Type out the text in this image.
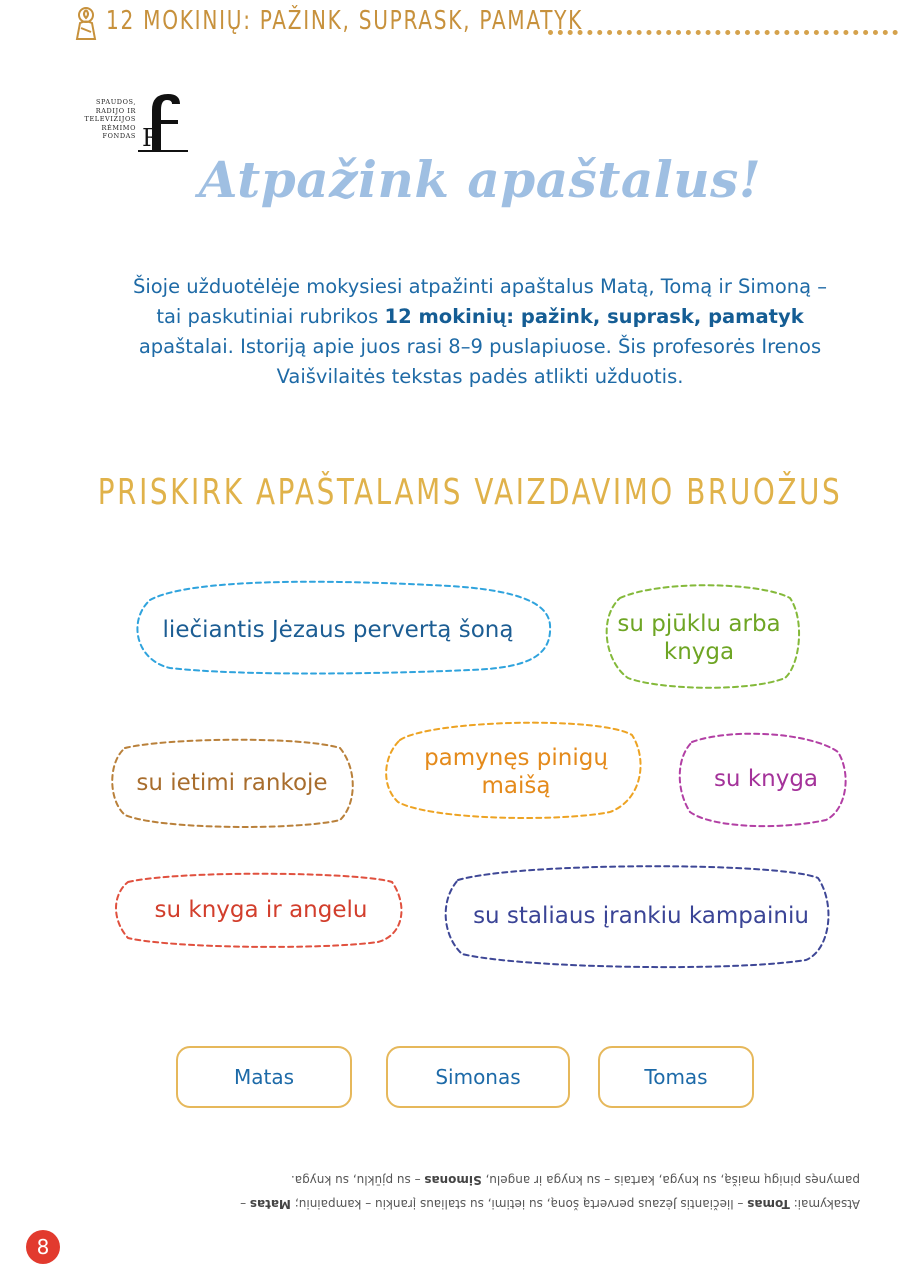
12 MOKINIŲ: PAŽINK, SUPRASK, PAMATYK
SPAUDOS,
RADIJO IR
TELEVIZIJOS
RĖMIMO
FONDAS R
Atpažink apaštalus!
Šioje užduotėlėje mokysiesi atpažinti apaštalus Matą, Tomą ir Simoną – tai paskutiniai rubrikos 12 mokinių: pažink, suprask, pamatyk apaštalai. Istoriją apie juos rasi 8–9 puslapiuose. Šis profesorės Irenos Vaišvilaitės tekstas padės atlikti užduotis.
PRISKIRK APAŠTALAMS VAIZDAVIMO BRUOŽUS
liečiantis Jėzaus pervertą šoną	su pjūklu arba knyga
su ietimi rankoje
pamynęs pinigų maišą	su knyga
su knyga ir angelu	su staliaus įrankiu kampainiu
Matas	Simonas	Tomas
Atsakymai: Tomas – liečiantis Jėzaus pervertą šoną, su ietimi, su staliaus įrankiu – kampainiu; Matas – pamynęs pinigų maišą, su knyga, kartais – su knyga ir angelu, Simonas – su pjūklu, su knyga.
8
